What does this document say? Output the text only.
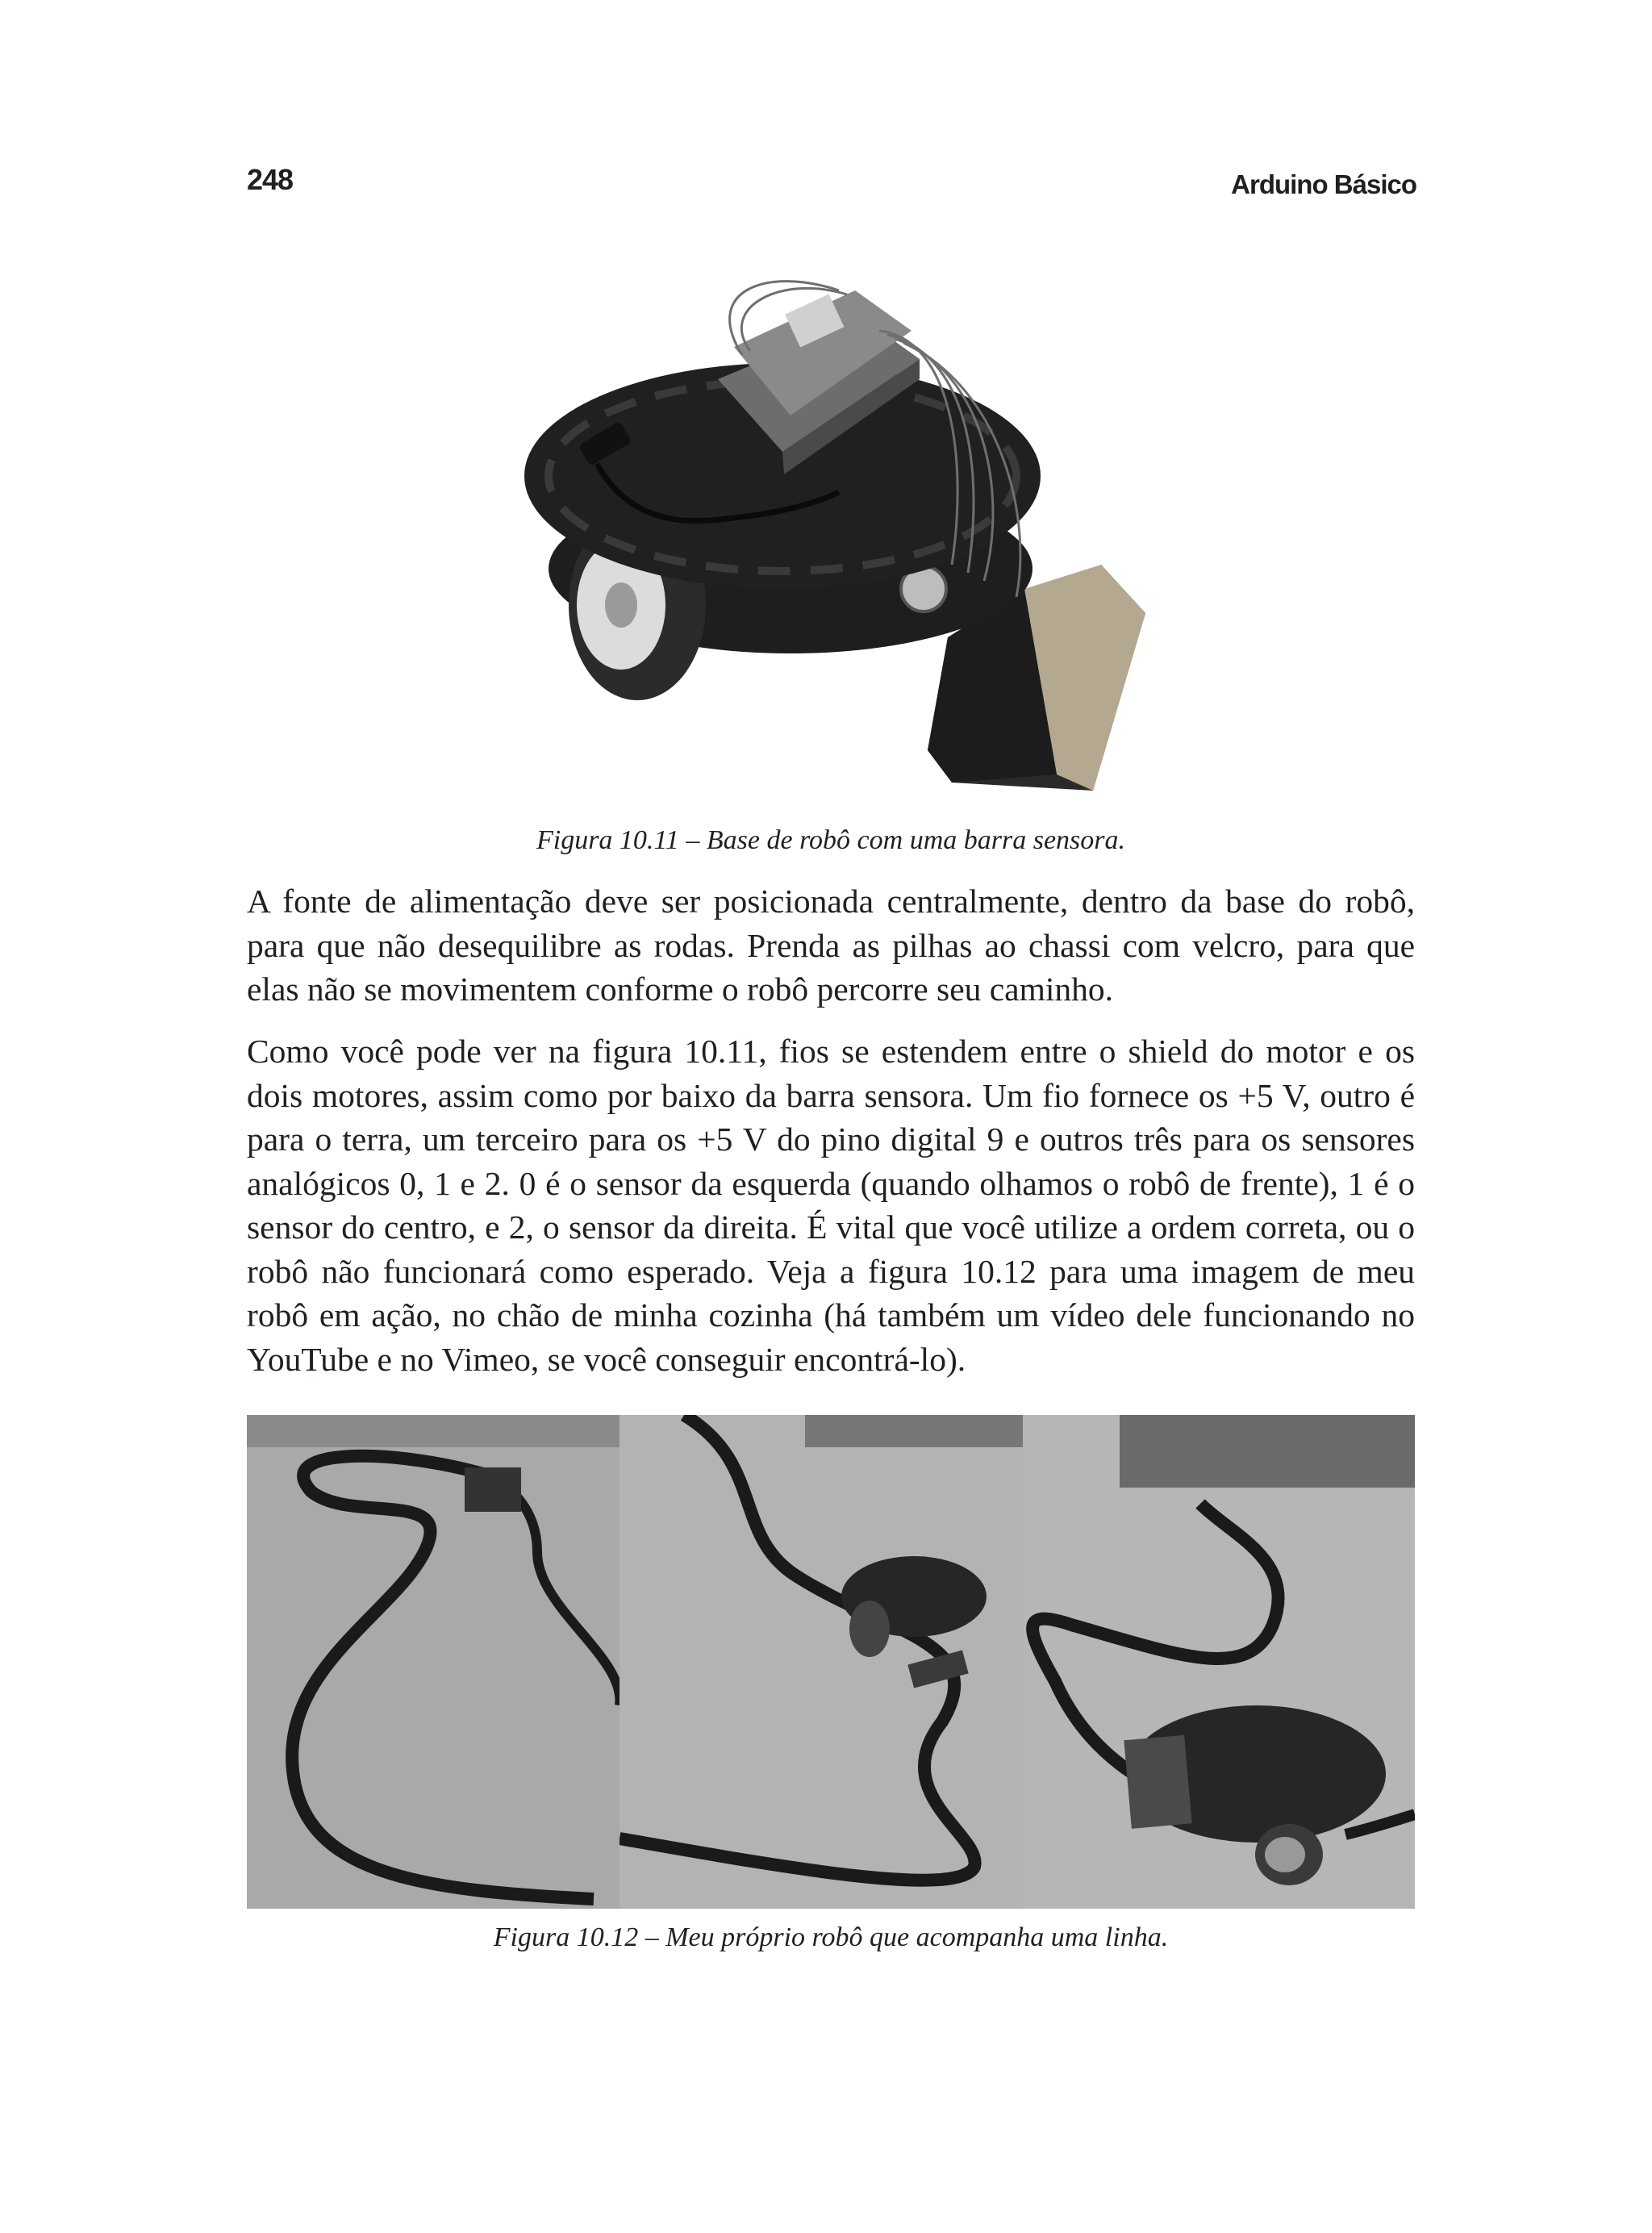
248	Arduino Básico
Figura 10.11 – Base de robô com uma barra sensora.

A fonte de alimentação deve ser posicionada centralmente, dentro da base do robô, para que não desequilibre as rodas. Prenda as pilhas ao chassi com velcro, para que elas não se movimentem conforme o robô percorre seu caminho.

Como você pode ver na figura 10.11, fios se estendem entre o shield do motor e os dois motores, assim como por baixo da barra sensora. Um fio fornece os +5 V, outro é para o terra, um terceiro para os +5 V do pino digital 9 e outros três para os sensores analógicos 0, 1 e 2. 0 é o sensor da esquerda (quando olhamos o robô de frente), 1 é o sensor do centro, e 2, o sensor da direita. É vital que você utilize a ordem correta, ou o robô não funcionará como esperado. Veja a figura 10.12 para uma imagem de meu robô em ação, no chão de minha cozinha (há também um vídeo dele funcionando no YouTube e no Vimeo, se você conseguir encontrá-lo).

Figura 10.12 – Meu próprio robô que acompanha uma linha.
